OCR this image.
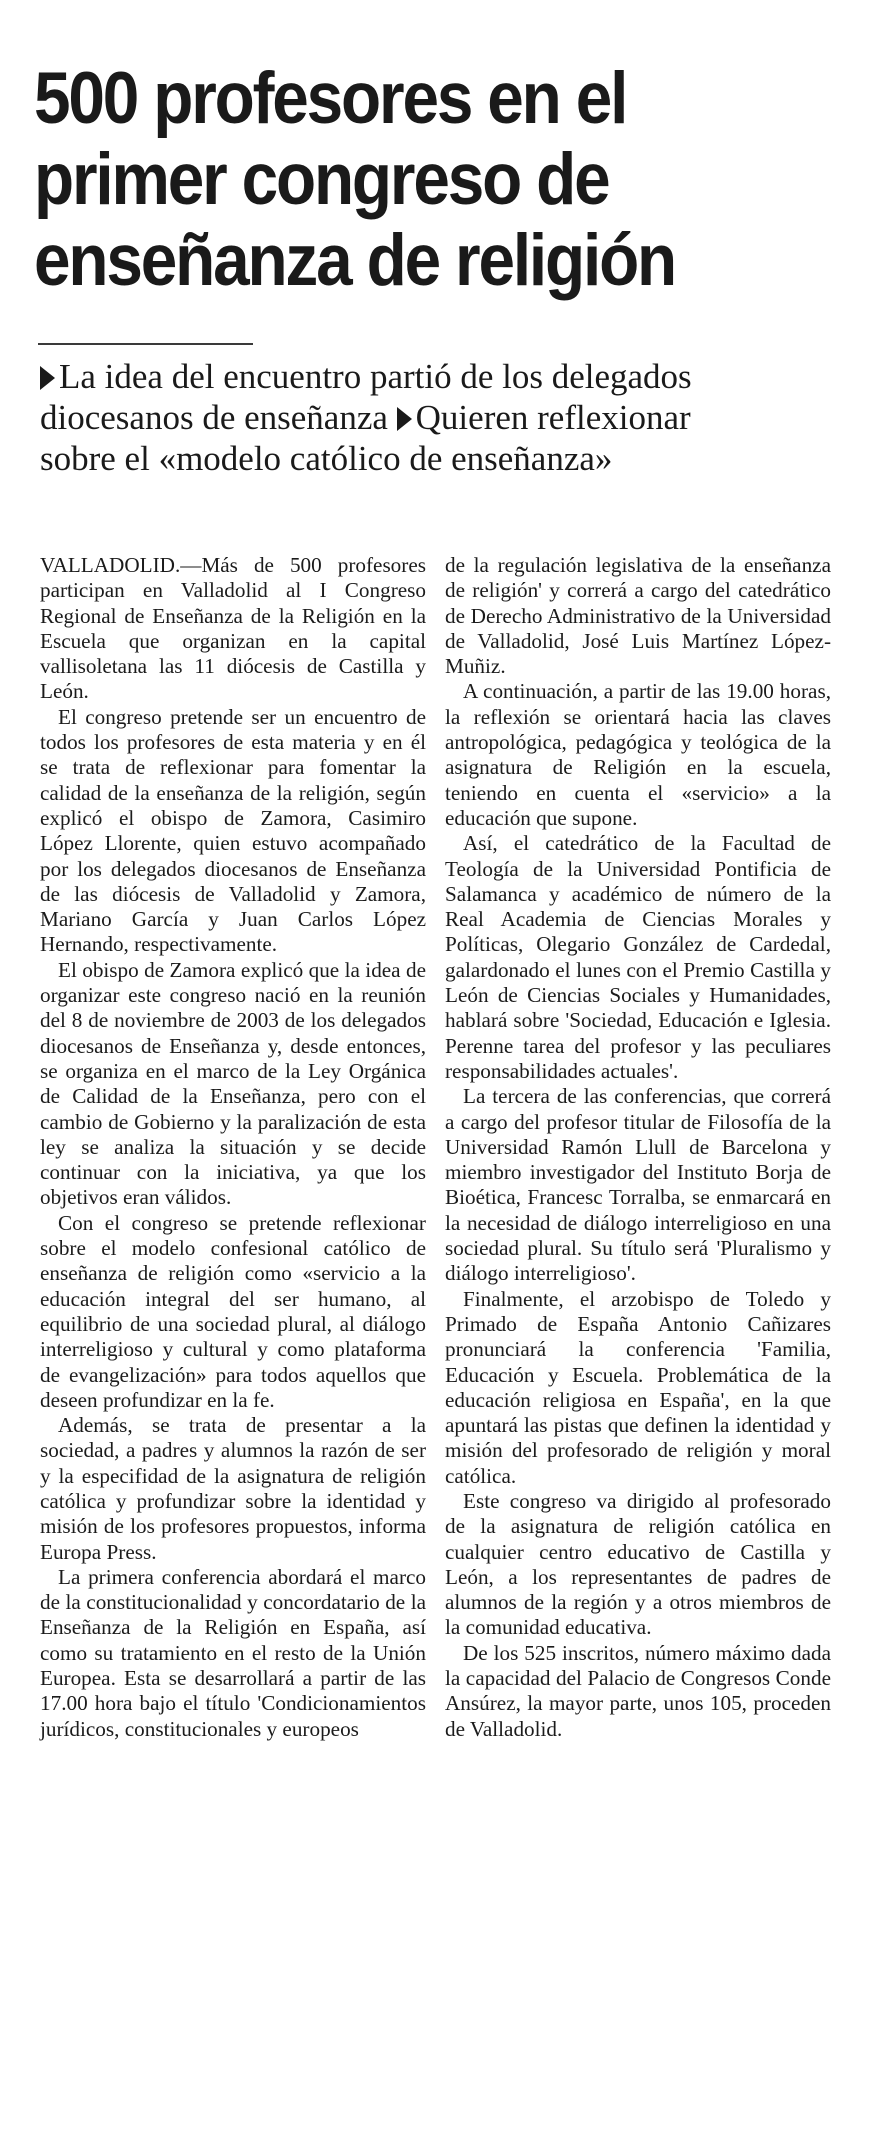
500 profesores en el
primer congreso de
enseñanza de religión
La idea del encuentro partió de los delegados
diocesanos de enseñanza Quieren reflexionar
sobre el «modelo católico de enseñanza»

VALLADOLID.—Más de 500 profesores participan en Valladolid al I Congreso Regional de Enseñanza de la Religión en la Escuela que organizan en la capital vallisoletana las 11 diócesis de Castilla y León.

El congreso pretende ser un encuentro de todos los profesores de esta materia y en él se trata de reflexionar para fomentar la calidad de la enseñanza de la religión, según explicó el obispo de Zamora, Casimiro López Llorente, quien estuvo acompañado por los delegados diocesanos de Enseñanza de las diócesis de Valladolid y Zamora, Mariano García y Juan Carlos López Hernando, respectivamente.

El obispo de Zamora explicó que la idea de organizar este congreso nació en la reunión del 8 de noviembre de 2003 de los delegados diocesanos de Enseñanza y, desde entonces, se organiza en el marco de la Ley Orgánica de Calidad de la Enseñanza, pero con el cambio de Gobierno y la paralización de esta ley se analiza la situación y se decide continuar con la iniciativa, ya que los objetivos eran válidos.

Con el congreso se pretende reflexionar sobre el modelo confesional católico de enseñanza de religión como «servicio a la educación integral del ser humano, al equilibrio de una sociedad plural, al diálogo interreligioso y cultural y como plataforma de evangelización» para todos aquellos que deseen profundizar en la fe.

Además, se trata de presentar a la sociedad, a padres y alumnos la razón de ser y la especifidad de la asignatura de religión católica y profundizar sobre la identidad y misión de los profesores propuestos, informa Europa Press.

La primera conferencia abordará el marco de la constitucionalidad y concordatario de la Enseñanza de la Religión en España, así como su tratamiento en el resto de la Unión Europea. Esta se desarrollará a partir de las 17.00 hora bajo el título 'Condicionamientos jurídicos, constitucionales y europeos

de la regulación legislativa de la enseñanza de religión' y correrá a cargo del catedrático de Derecho Administrativo de la Universidad de Valladolid, José Luis Martínez López-Muñiz.

A continuación, a partir de las 19.00 horas, la reflexión se orientará hacia las claves antropológica, pedagógica y teológica de la asignatura de Religión en la escuela, teniendo en cuenta el «servicio» a la educación que supone.

Así, el catedrático de la Facultad de Teología de la Universidad Pontificia de Salamanca y académico de número de la Real Academia de Ciencias Morales y Políticas, Olegario González de Cardedal, galardonado el lunes con el Premio Castilla y León de Ciencias Sociales y Humanidades, hablará sobre 'Sociedad, Educación e Iglesia. Perenne tarea del profesor y las peculiares responsabilidades actuales'.

La tercera de las conferencias, que correrá a cargo del profesor titular de Filosofía de la Universidad Ramón Llull de Barcelona y miembro investigador del Instituto Borja de Bioética, Francesc Torralba, se enmarcará en la necesidad de diálogo interreligioso en una sociedad plural. Su título será 'Pluralismo y diálogo interreligioso'.

Finalmente, el arzobispo de Toledo y Primado de España Antonio Cañizares pronunciará la conferencia 'Familia, Educación y Escuela. Problemática de la educación religiosa en España', en la que apuntará las pistas que definen la identidad y misión del profesorado de religión y moral católica.

Este congreso va dirigido al profesorado de la asignatura de religión católica en cualquier centro educativo de Castilla y León, a los representantes de padres de alumnos de la región y a otros miembros de la comunidad educativa.

De los 525 inscritos, número máximo dada la capacidad del Palacio de Congresos Conde Ansúrez, la mayor parte, unos 105, proceden de Valladolid.
